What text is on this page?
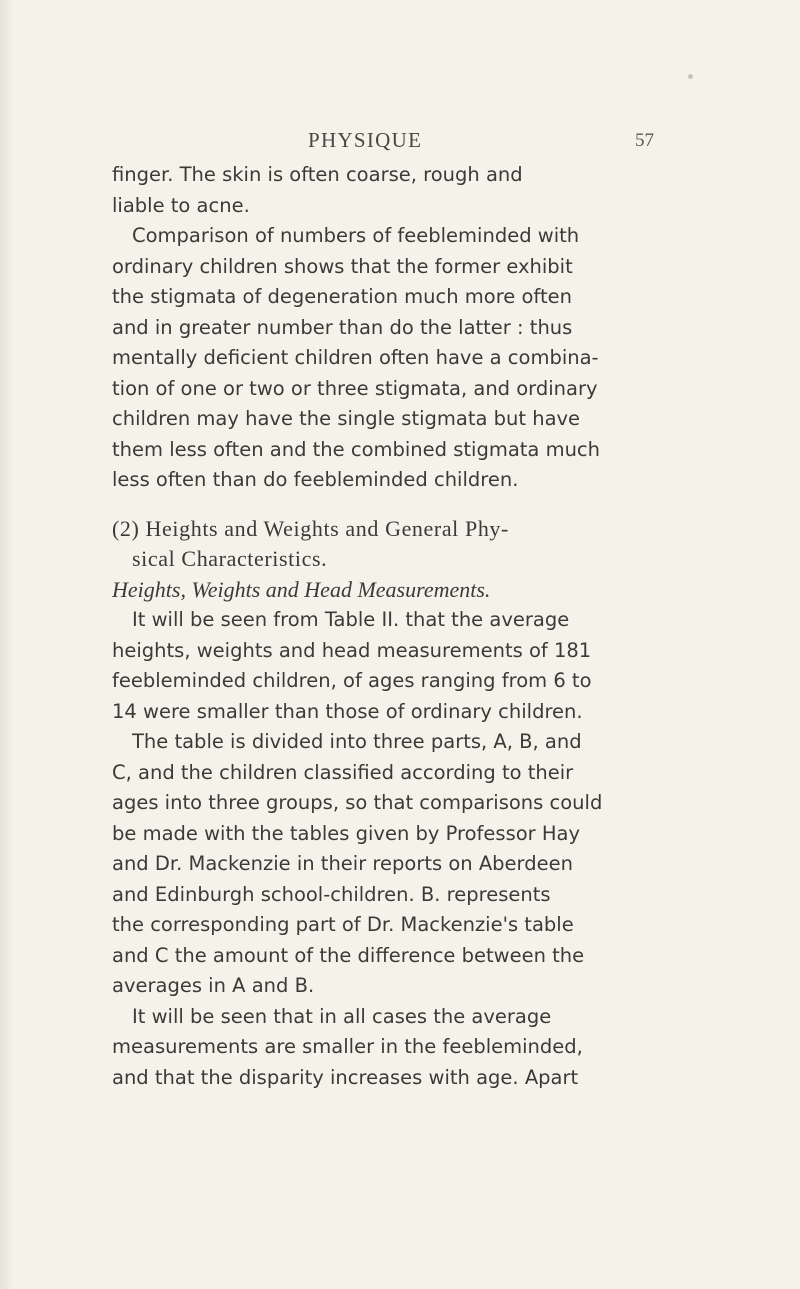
PHYSIQUE	57
finger. The skin is often coarse, rough and
liable to acne.
Comparison of numbers of feebleminded with
ordinary children shows that the former exhibit
the stigmata of degeneration much more often
and in greater number than do the latter : thus
mentally deficient children often have a combina-
tion of one or two or three stigmata, and ordinary
children may have the single stigmata but have
them less often and the combined stigmata much
less often than do feebleminded children.
(2) Heights and Weights and General Phy-
sical Characteristics.
Heights, Weights and Head Measurements.
It will be seen from Table II. that the average
heights, weights and head measurements of 181
feebleminded children, of ages ranging from 6 to
14 were smaller than those of ordinary children.
The table is divided into three parts, A, B, and
C, and the children classified according to their
ages into three groups, so that comparisons could
be made with the tables given by Professor Hay
and Dr. Mackenzie in their reports on Aberdeen
and Edinburgh school-children. B. represents
the corresponding part of Dr. Mackenzie's table
and C the amount of the difference between the
averages in A and B.
It will be seen that in all cases the average
measurements are smaller in the feebleminded,
and that the disparity increases with age. Apart
